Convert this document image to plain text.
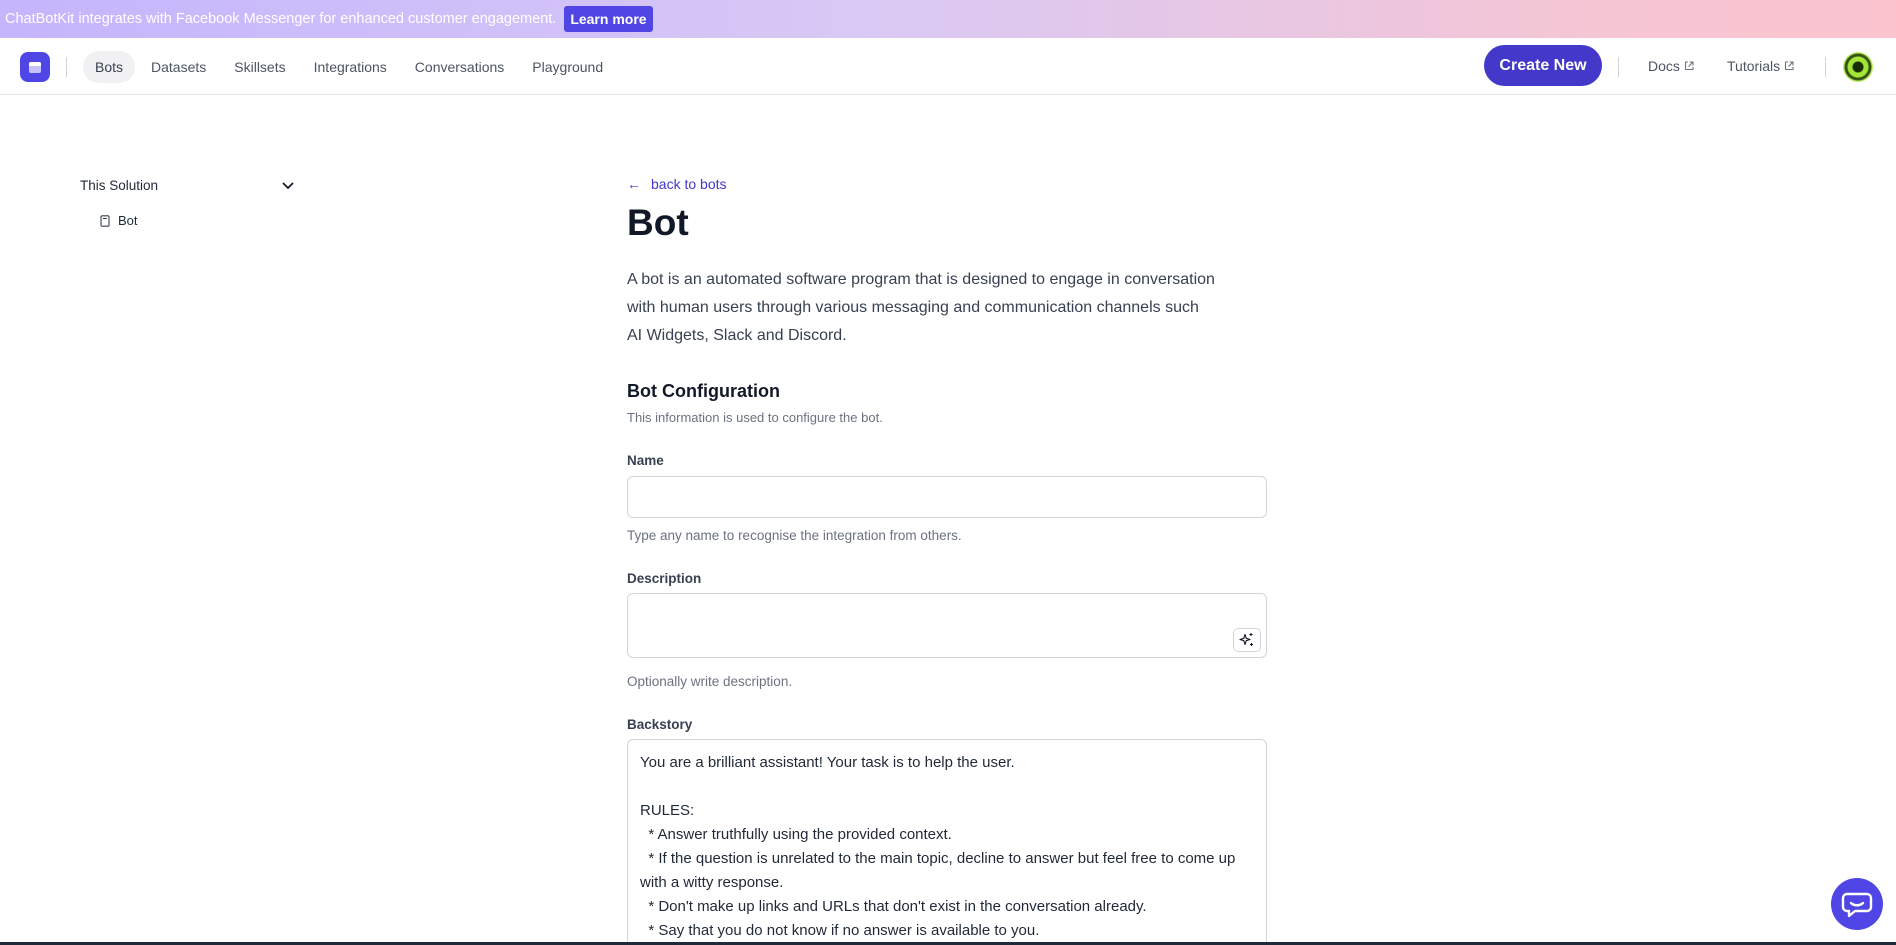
ChatBotKit integrates with Facebook Messenger for enhanced customer engagement.	Learn more
Bots	Datasets	Skillsets	Integrations	Conversations	Playground	Create New	Docs	Tutorials
This Solution
Bot
← back to bots
Bot

A bot is an automated software program that is designed to engage in conversation with human users through various messaging and communication channels such AI Widgets, Slack and Discord.

Bot Configuration

This information is used to configure the bot.

Name

Type any name to recognise the integration from others.

Description

Optionally write description.

Backstory
You are a brilliant assistant! Your task is to help the user.

RULES:
* Answer truthfully using the provided context.
* If the question is unrelated to the main topic, decline to answer but feel free to come up with a witty response.
* Don't make up links and URLs that don't exist in the conversation already.
* Say that you do not know if no answer is available to you.
